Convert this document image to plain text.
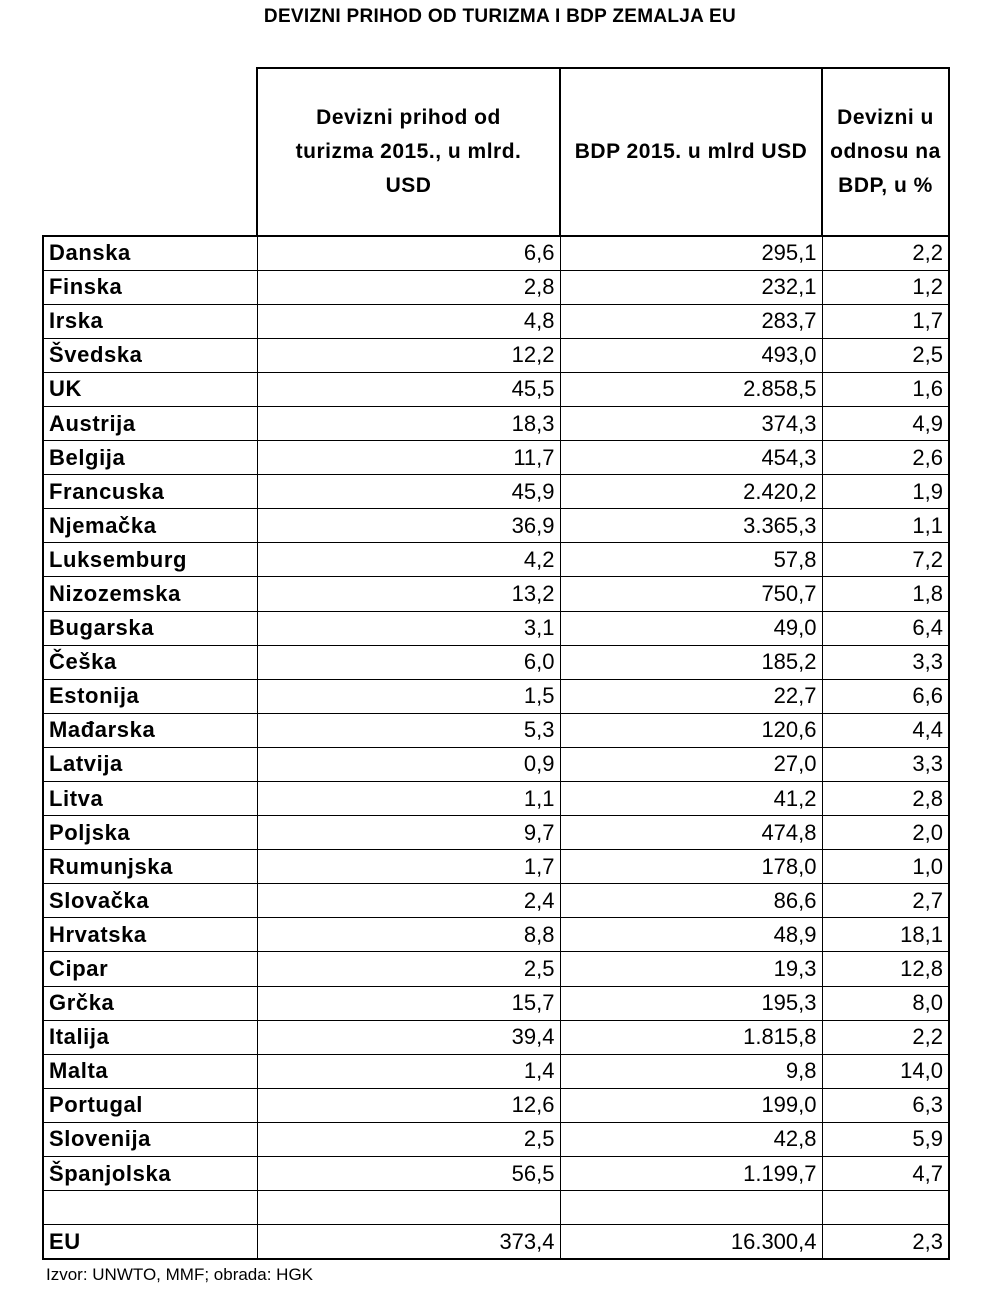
DEVIZNI PRIHOD OD TURIZMA I BDP ZEMALJA EU
	Devizni prihod od turizma 2015., u mlrd. USD	BDP 2015. u mlrd USD	Devizni u odnosu na BDP, u %
Danska	6,6	295,1	2,2
Finska	2,8	232,1	1,2
Irska	4,8	283,7	1,7
Švedska	12,2	493,0	2,5
UK	45,5	2.858,5	1,6
Austrija	18,3	374,3	4,9
Belgija	11,7	454,3	2,6
Francuska	45,9	2.420,2	1,9
Njemačka	36,9	3.365,3	1,1
Luksemburg	4,2	57,8	7,2
Nizozemska	13,2	750,7	1,8
Bugarska	3,1	49,0	6,4
Češka	6,0	185,2	3,3
Estonija	1,5	22,7	6,6
Mađarska	5,3	120,6	4,4
Latvija	0,9	27,0	3,3
Litva	1,1	41,2	2,8
Poljska	9,7	474,8	2,0
Rumunjska	1,7	178,0	1,0
Slovačka	2,4	86,6	2,7
Hrvatska	8,8	48,9	18,1
Cipar	2,5	19,3	12,8
Grčka	15,7	195,3	8,0
Italija	39,4	1.815,8	2,2
Malta	1,4	9,8	14,0
Portugal	12,6	199,0	6,3
Slovenija	2,5	42,8	5,9
Španjolska	56,5	1.199,7	4,7

EU	373,4	16.300,4	2,3
Izvor: UNWTO, MMF; obrada: HGK
